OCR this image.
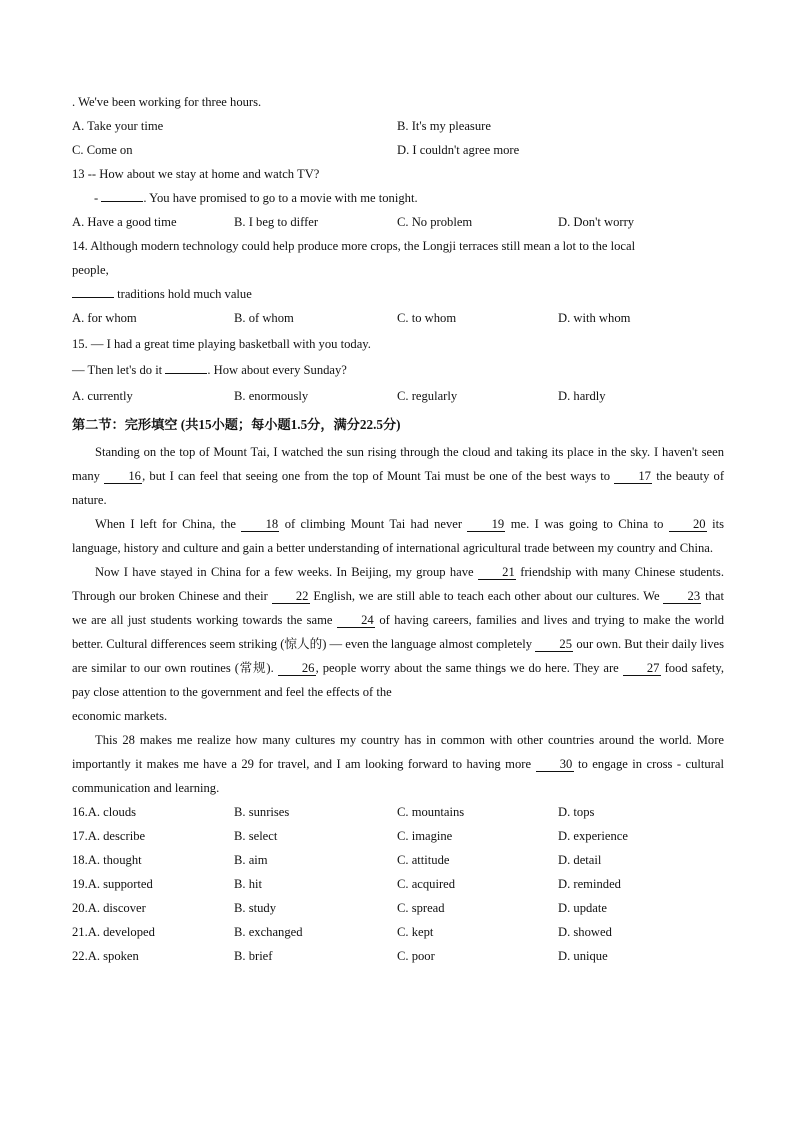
. We've been working for three hours.
A. Take your time	B. It's my pleasure
C. Come on	D. I couldn't agree more
13 -- How about we stay at home and watch TV?
-	. You have promised to go to a movie with me tonight.
A. Have a good time	B. I beg to differ	C. No problem	D. Don't worry
14. Although modern technology could help produce more crops, the Longji terraces still mean a lot to the local
people,
traditions hold much value
A. for whom	B. of whom	C. to whom	D. with whom
15. — I had a great time playing basketball with you today.
— Then let's do it	. How about every Sunday?
A. currently	B. enormously	C. regularly	D. hardly
第二节：完形填空 (共15小题；每小题1.5分，满分22.5分)

Standing on the top of Mount Tai, I watched the sun rising through the cloud and taking its place in the sky. I haven't seen many 16, but I can feel that seeing one from the top of Mount Tai must be one of the best ways to 17 the beauty of nature.

When I left for China, the 18 of climbing Mount Tai had never 19 me. I was going to China to 20 its language, history and culture and gain a better understanding of international agricultural trade between my country and China.

Now I have stayed in China for a few weeks. In Beijing, my group have 21 friendship with many Chinese students. Through our broken Chinese and their 22 English, we are still able to teach each other about our cultures. We 23 that we are all just students working towards the same 24 of having careers, families and lives and trying to make the world better. Cultural differences seem striking (惊人的) — even the language almost completely 25 our own. But their daily lives are similar to our own routines (常规). 26, people worry about the same things we do here. They are 27 food safety, pay close attention to the government and feel the effects of the
economic markets.

This 28 makes me realize how many cultures my country has in common with other countries around the world. More importantly it makes me have a 29 for travel, and I am looking forward to having more 30 to engage in cross - cultural communication and learning.

16.A. clouds	B. sunrises	C. mountains	D. tops
17.A. describe	B. select	C. imagine	D. experience
18.A. thought	B. aim	C. attitude	D. detail
19.A. supported	B. hit	C. acquired	D. reminded
20.A. discover	B. study	C. spread	D. update
21.A. developed	B. exchanged	C. kept	D. showed
22.A. spoken	B. brief	C. poor	D. unique
